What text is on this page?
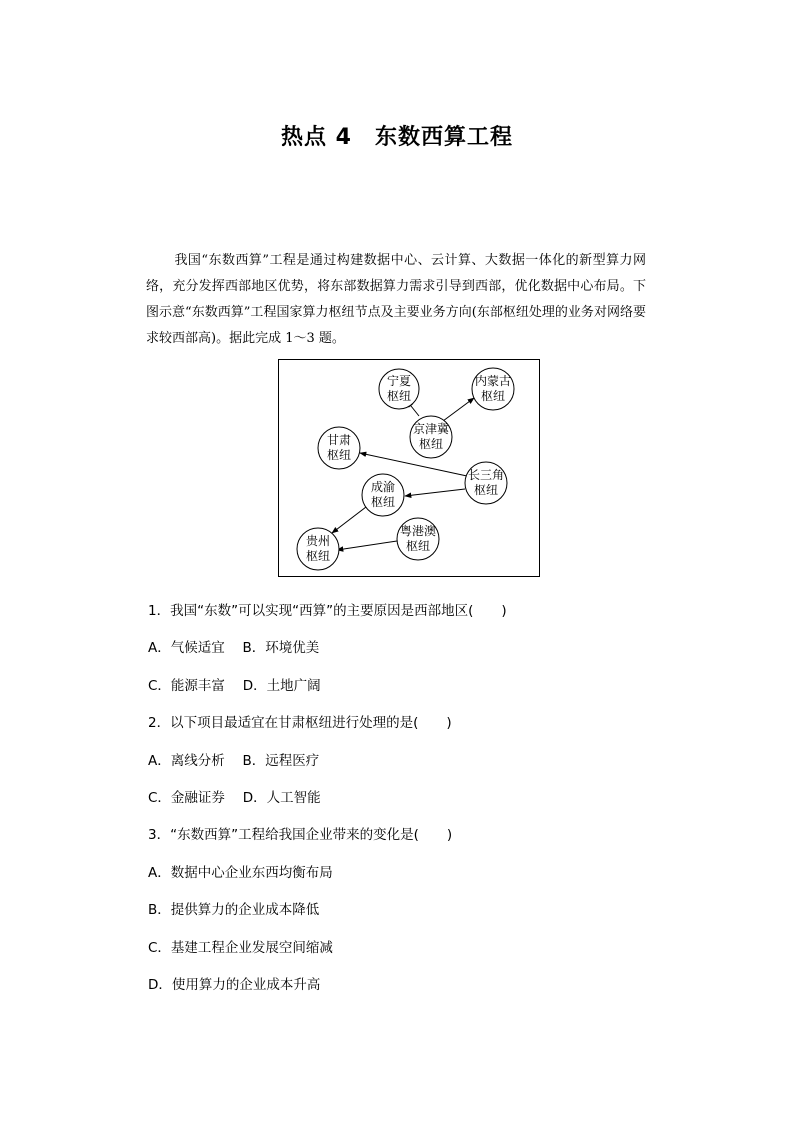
热点 4　东数西算工程
我国“东数西算”工程是通过构建数据中心、云计算、大数据一体化的新型算力网络，充分发挥西部地区优势，将东部数据算力需求引导到西部，优化数据中心布局。下图示意“东数西算”工程国家算力枢纽节点及主要业务方向(东部枢纽处理的业务对网络要求较西部高)。据此完成 1～3 题。
宁夏
枢纽
内蒙古
枢纽
京津冀
枢纽
甘肃
枢纽
长三角
枢纽
成渝
枢纽
粤港澳
枢纽
贵州
枢纽
1．我国“东数”可以实现“西算”的主要原因是西部地区( )
A．气候适宜　 B．环境优美
C．能源丰富　 D．土地广阔
2．以下项目最适宜在甘肃枢纽进行处理的是( )
A．离线分析　 B．远程医疗
C．金融证券　 D．人工智能
3．“东数西算”工程给我国企业带来的变化是( )
A．数据中心企业东西均衡布局
B．提供算力的企业成本降低
C．基建工程企业发展空间缩减
D．使用算力的企业成本升高
